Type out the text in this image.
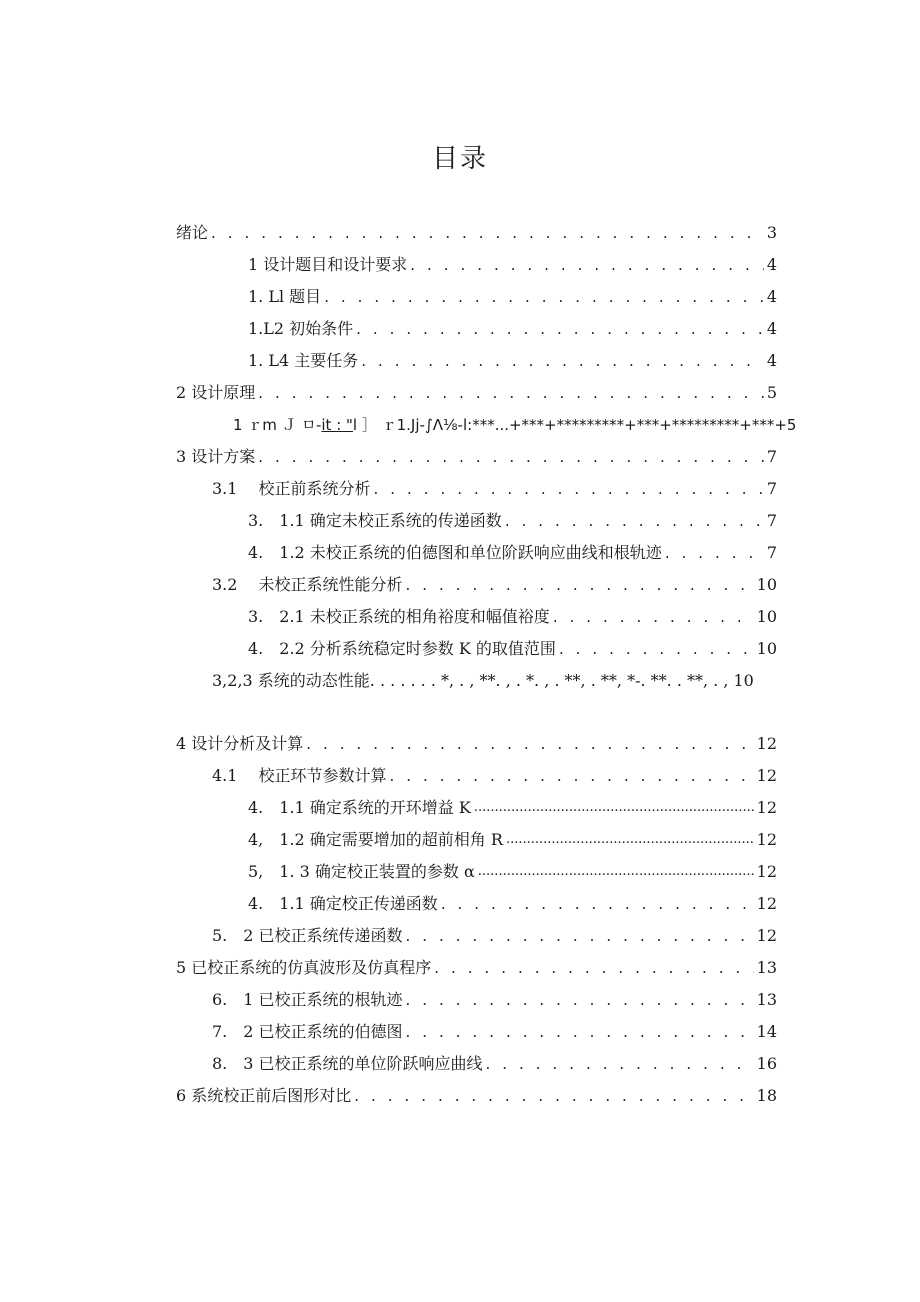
目录
绪论 . . .	3
1 设计题目和设计要求 . . .	4
1. Ll 题目 . . .	4
1.L2 初始条件 . . .	4
1. L4 主要任务 . . .	4
2 设计原理 . . .	5
1 ｒm Ｊ ㅁ- it : " l ］ ｒ1.Jj-∫Λ⅛-l:***...+***+*********+***+*********+***+5
3 设计方案 . . .	7
3.1　 校正前系统分析 . . .	7
3.　1.1 确定未校正系统的传递函数 . . .	7
4.　1.2 未校正系统的伯德图和单位阶跃响应曲线和根轨迹 . . .	7
3.2　 未校正系统性能分析 . . .	10
3.　2.1 未校正系统的相角裕度和幅值裕度 . . .	10
4.　2.2 分析系统稳定时参数 K 的取值范围 . . .	10
3,2,3 系统的动态性能. . . . . . . *, . , **. , . *. , . **, . **, *-. **. . **, . , 10
4 设计分析及计算 . . .	12
4.1　 校正环节参数计算 . . .	12
4.　1.1 确定系统的开环增益 K .....	12
4,　1.2 确定需要增加的超前相角 R .....	12
5,　1. 3 确定校正装置的参数 α .....	12
4.　1.1 确定校正传递函数 . . .	12
5.　2 已校正系统传递函数 . . .	12
5 已校正系统的仿真波形及仿真程序 . . .	13
6.　1 已校正系统的根轨迹 . . .	13
7.　2 已校正系统的伯德图 . . .	14
8.　3 已校正系统的单位阶跃响应曲线 . . .	16
6 系统校正前后图形对比 . . .	18
